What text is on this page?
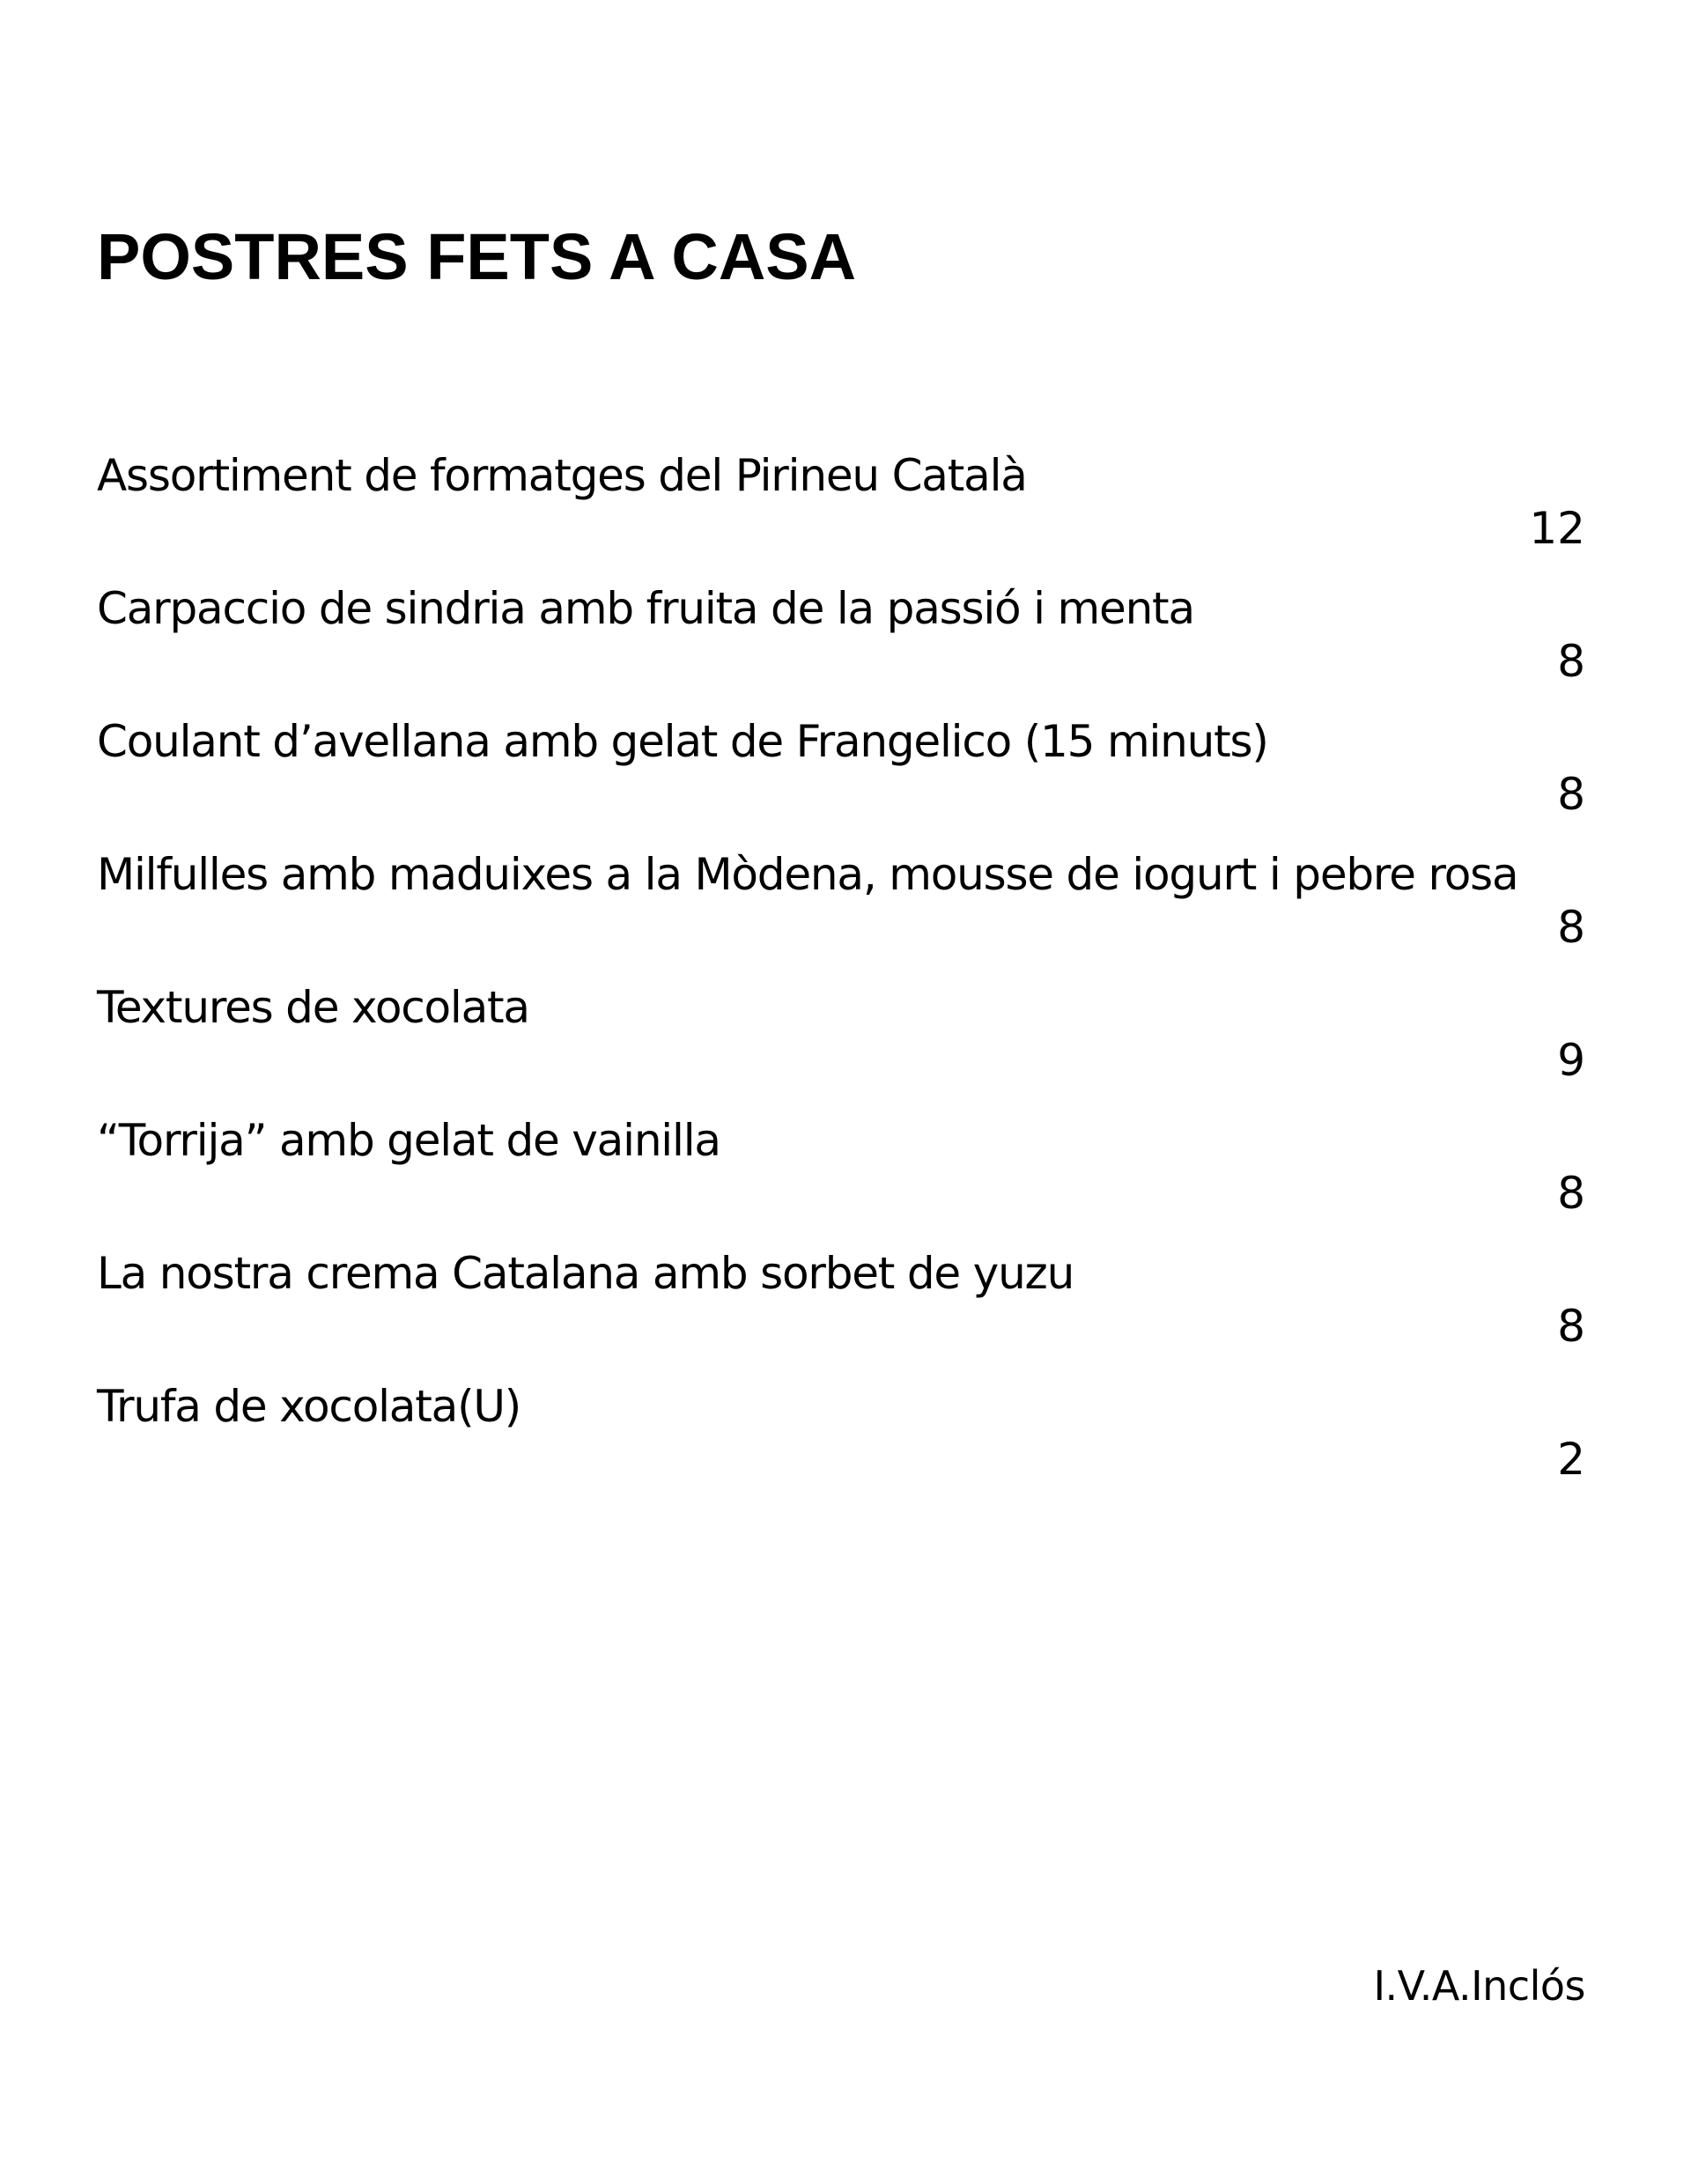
POSTRES FETS A CASA
Assortiment de formatges del Pirineu Català
12
Carpaccio de sindria amb fruita de la passió i menta
8
Coulant d’avellana amb gelat de Frangelico (15 minuts)
8
Milfulles amb maduixes a la Mòdena, mousse de iogurt i pebre rosa
8
Textures de xocolata
9
“Torrija” amb gelat de vainilla
8
La nostra crema Catalana amb sorbet de yuzu
8
Trufa de xocolata(U)
2
I.V.A.Inclós
